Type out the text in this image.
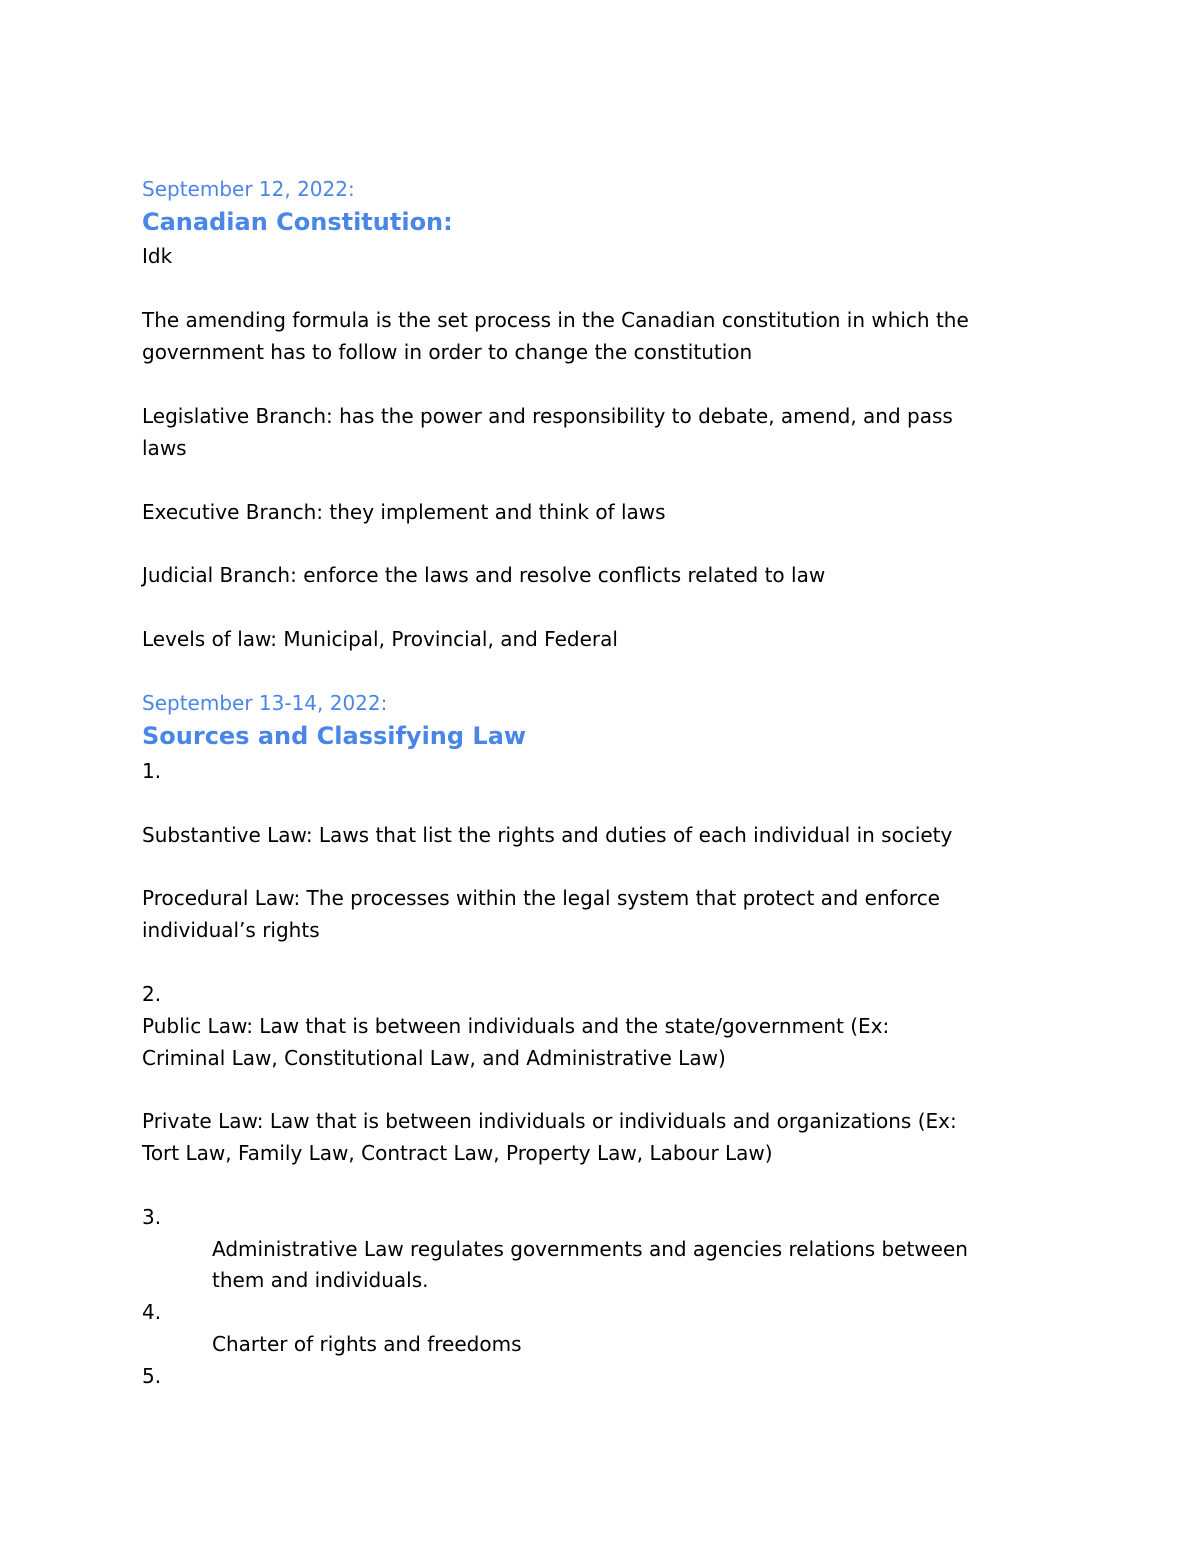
September 12, 2022:

Canadian Constitution:

Idk

The amending formula is the set process in the Canadian constitution in which the

government has to follow in order to change the constitution

Legislative Branch: has the power and responsibility to debate, amend, and pass

laws

Executive Branch: they implement and think of laws

Judicial Branch: enforce the laws and resolve conflicts related to law

Levels of law: Municipal, Provincial, and Federal

September 13-14, 2022:

Sources and Classifying Law

1.

Substantive Law: Laws that list the rights and duties of each individual in society

Procedural Law: The processes within the legal system that protect and enforce

individual’s rights

2.

Public Law: Law that is between individuals and the state/government (Ex:

Criminal Law, Constitutional Law, and Administrative Law)

Private Law: Law that is between individuals or individuals and organizations (Ex:

Tort Law, Family Law, Contract Law, Property Law, Labour Law)

3.

Administrative Law regulates governments and agencies relations between

them and individuals.

4.

Charter of rights and freedoms

5.
